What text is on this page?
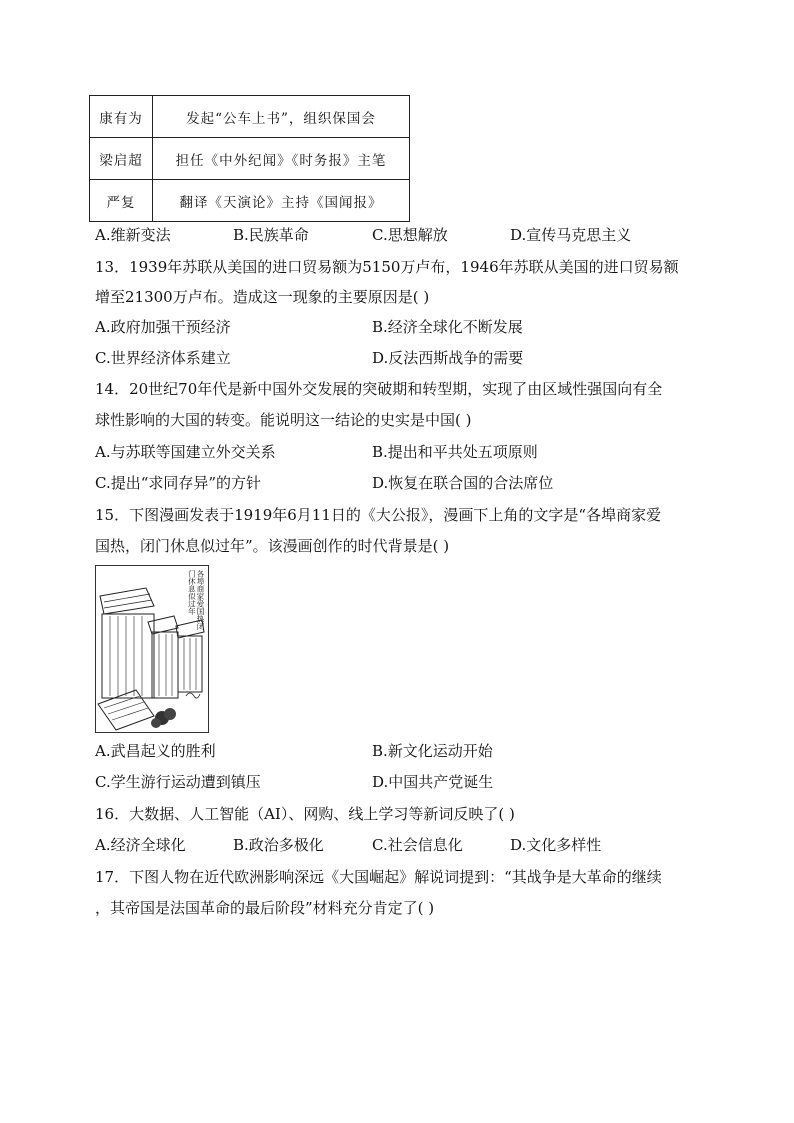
康有为	发起“公车上书”，组织保国会
梁启超	担任《中外纪闻》《时务报》主笔
严复	翻译《天演论》主持《国闻报》
A.维新变法	B.民族革命	C.思想解放	D.宣传马克思主义
13．1939年苏联从美国的进口贸易额为5150万卢布，1946年苏联从美国的进口贸易额
增至21300万卢布。造成这一现象的主要原因是( )
A.政府加强干预经济	B.经济全球化不断发展
C.世界经济体系建立	D.反法西斯战争的需要
14．20世纪70年代是新中国外交发展的突破期和转型期，实现了由区域性强国向有全
球性影响的大国的转变。能说明这一结论的史实是中国( )
A.与苏联等国建立外交关系	B.提出和平共处五项原则
C.提出“求同存异”的方针	D.恢复在联合国的合法席位
15．下图漫画发表于1919年6月11日的《大公报》，漫画下上角的文字是“各埠商家爱
国热，闭门休息似过年”。该漫画创作的时代背景是( )
各埠商家爱国热闭门休息似过年
A.武昌起义的胜利	B.新文化运动开始
C.学生游行运动遭到镇压	D.中国共产党诞生
16．大数据、人工智能（AI）、网购、线上学习等新词反映了( )
A.经济全球化	B.政治多极化	C.社会信息化	D.文化多样性
17．下图人物在近代欧洲影响深远《大国崛起》解说词提到：“其战争是大革命的继续
，其帝国是法国革命的最后阶段”材料充分肯定了( )
